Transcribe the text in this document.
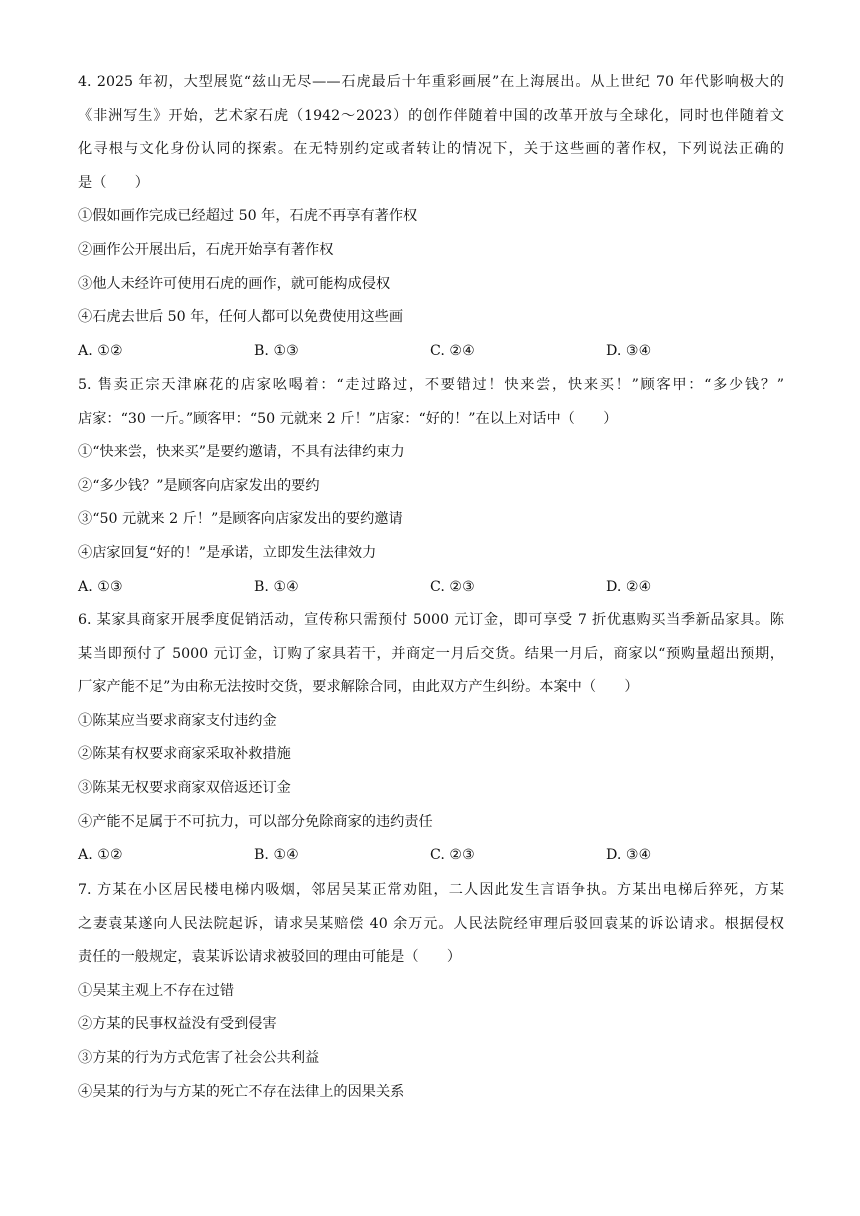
4. 2025 年初，大型展览“兹山无尽——石虎最后十年重彩画展”在上海展出。从上世纪 70 年代影响极大的
《非洲写生》开始，艺术家石虎（1942～2023）的创作伴随着中国的改革开放与全球化，同时也伴随着文
化寻根与文化身份认同的探索。在无特别约定或者转让的情况下，关于这些画的著作权，下列说法正确的
是（　　）
①假如画作完成已经超过 50 年，石虎不再享有著作权
②画作公开展出后，石虎开始享有著作权
③他人未经许可使用石虎的画作，就可能构成侵权
④石虎去世后 50 年，任何人都可以免费使用这些画
A. ①②	B. ①③	C. ②④	D. ③④
5. 售卖正宗天津麻花的店家吆喝着：“走过路过，不要错过！快来尝，快来买！”顾客甲：“多少钱？”
店家：“30 一斤。”顾客甲：“50 元就来 2 斤！”店家：“好的！”在以上对话中（　　）
①“快来尝，快来买”是要约邀请，不具有法律约束力
②“多少钱？”是顾客向店家发出的要约
③“50 元就来 2 斤！”是顾客向店家发出的要约邀请
④店家回复“好的！”是承诺，立即发生法律效力
A. ①③	B. ①④	C. ②③	D. ②④
6. 某家具商家开展季度促销活动，宣传称只需预付 5000 元订金，即可享受 7 折优惠购买当季新品家具。陈
某当即预付了 5000 元订金，订购了家具若干，并商定一月后交货。结果一月后，商家以“预购量超出预期，
厂家产能不足”为由称无法按时交货，要求解除合同，由此双方产生纠纷。本案中（　　）
①陈某应当要求商家支付违约金
②陈某有权要求商家采取补救措施
③陈某无权要求商家双倍返还订金
④产能不足属于不可抗力，可以部分免除商家的违约责任
A. ①②	B. ①④	C. ②③	D. ③④
7. 方某在小区居民楼电梯内吸烟，邻居吴某正常劝阻，二人因此发生言语争执。方某出电梯后猝死，方某
之妻袁某遂向人民法院起诉，请求吴某赔偿 40 余万元。人民法院经审理后驳回袁某的诉讼请求。根据侵权
责任的一般规定，袁某诉讼请求被驳回的理由可能是（　　）
①吴某主观上不存在过错
②方某的民事权益没有受到侵害
③方某的行为方式危害了社会公共利益
④吴某的行为与方某的死亡不存在法律上的因果关系
